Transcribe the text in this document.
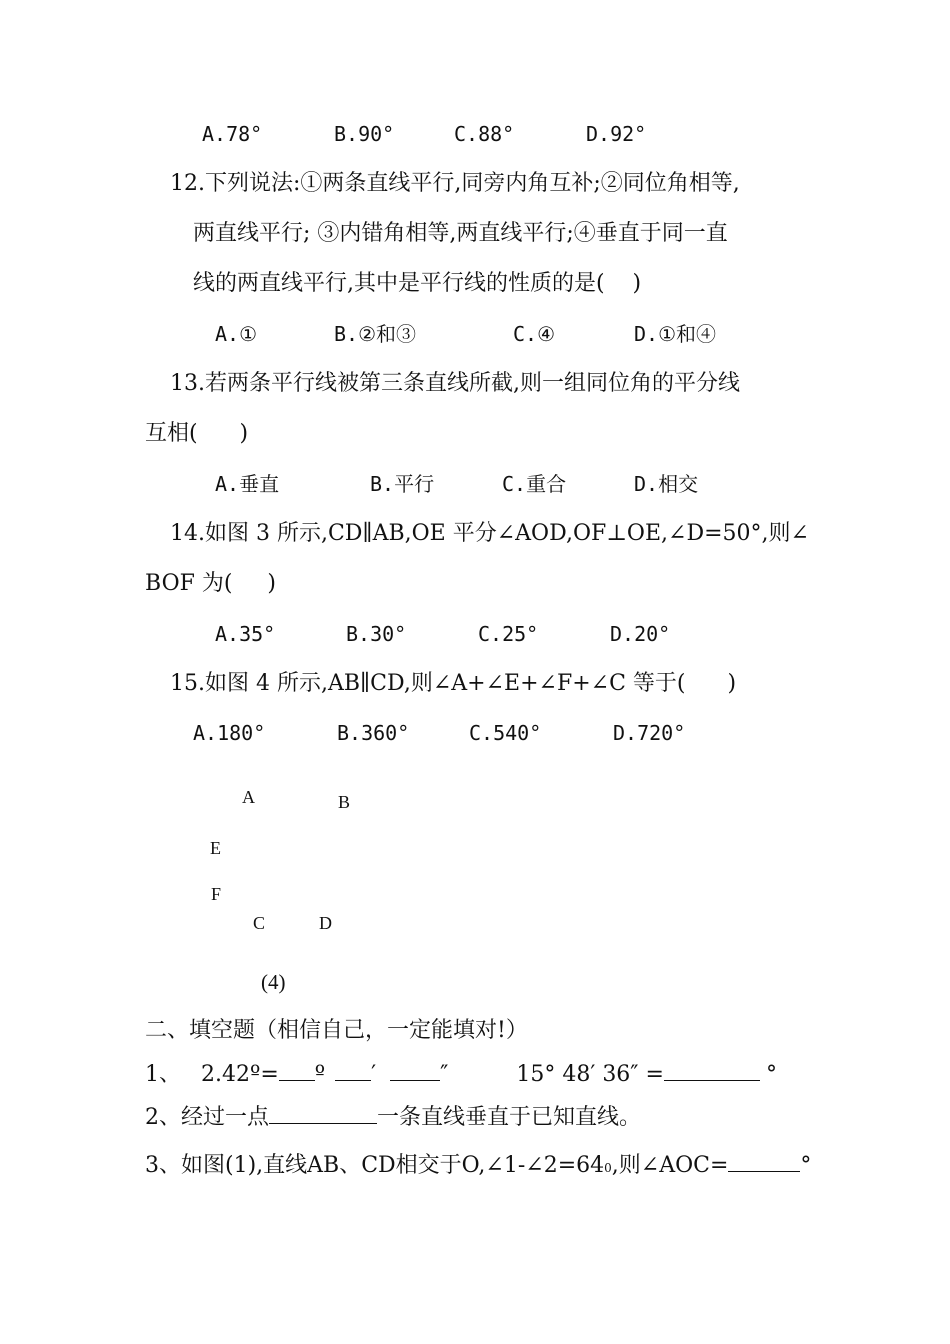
A.78°	B.90°	C.88°	D.92°
12.下列说法:①两条直线平行,同旁内角互补;②同位角相等,
两直线平行; ③内错角相等,两直线平行;④垂直于同一直
线的两直线平行,其中是平行线的性质的是(    )
A.①	B.②和③	C.④	D.①和④
13.若两条平行线被第三条直线所截,则一组同位角的平分线
互相(      )
A.垂直	B.平行	C.重合	D.相交
14.如图 3 所示,CD∥AB,OE 平分∠AOD,OF⊥OE,∠D=50°,则∠
BOF 为(     )
A.35°	B.30°	C.25°	D.20°
15.如图 4 所示,AB∥CD,则∠A+∠E+∠F+∠C 等于(      )
A.180°	B.360°	C.540°	D.720°
A	B
E
F
C	D
(4)
二、填空题（相信自己，一定能填对!）
1、 2.42º= º ′	″	15° 48′ 36″ =	°
2、经过一点	一条直线垂直于已知直线。
3、如图(1),直线AB、CD相交于O,∠1-∠2=640,则∠AOC=	°
